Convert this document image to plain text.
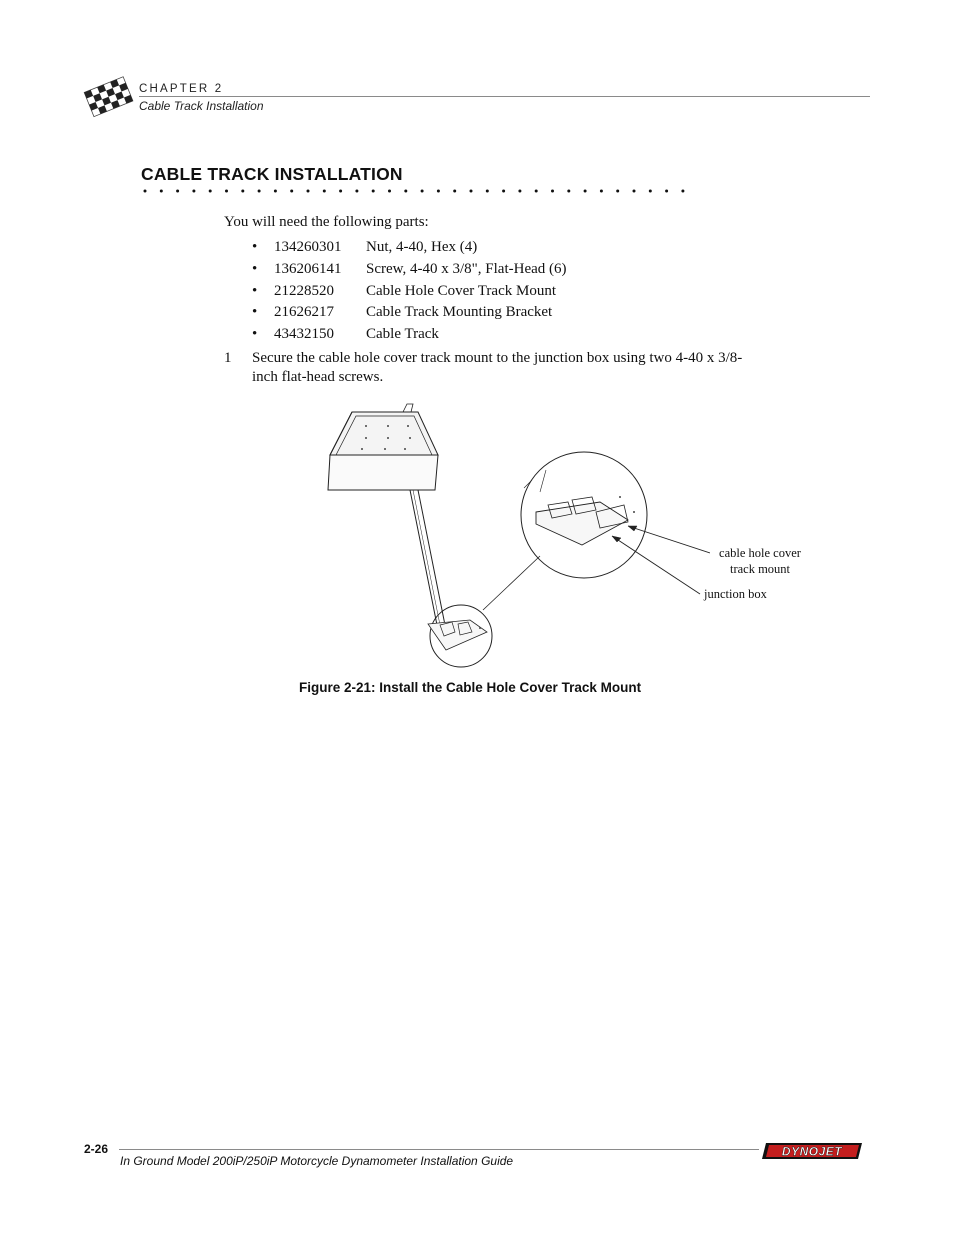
CHAPTER 2
Cable Track Installation
CABLE TRACK INSTALLATION
You will need the following parts:
• 134260301 Nut, 4-40, Hex (4)
• 136206141 Screw, 4-40 x 3/8", Flat-Head (6)
• 21228520 Cable Hole Cover Track Mount
• 21626217 Cable Track Mounting Bracket
• 43432150 Cable Track
1 Secure the cable hole cover track mount to the junction box using two 4-40 x 3/8-inch flat-head screws.
cable hole cover track mount
junction box
Figure 2-21: Install the Cable Hole Cover Track Mount
2-26
In Ground Model 200iP/250iP Motorcycle Dynamometer Installation Guide
DYNOJET
